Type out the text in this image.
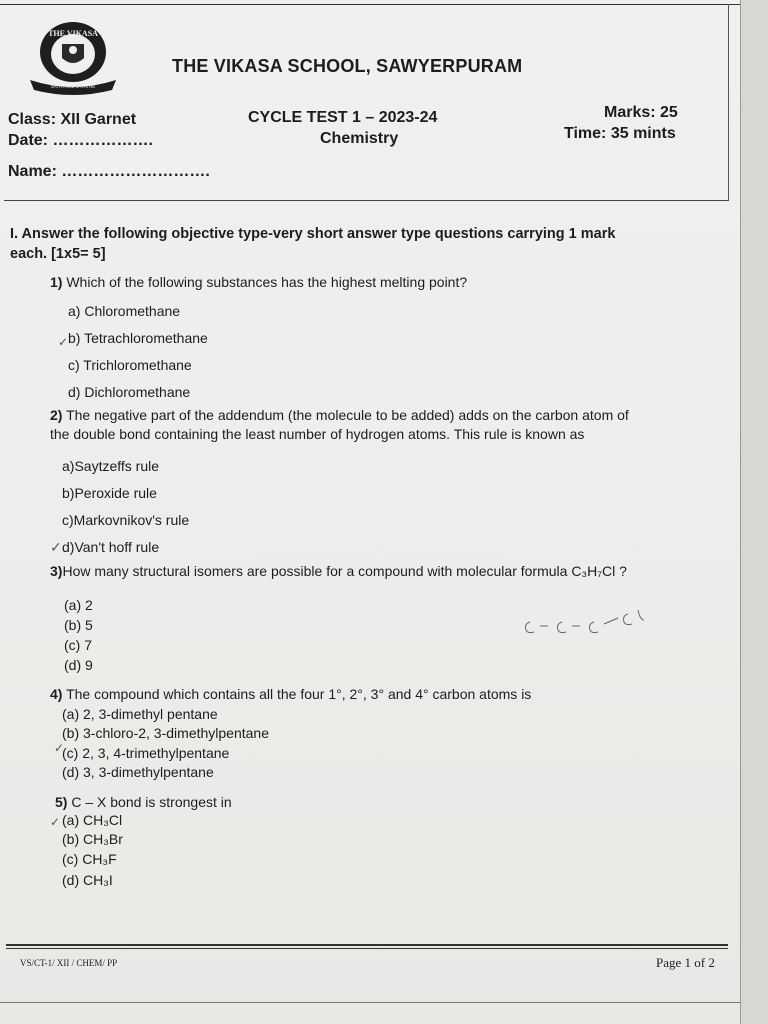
THE VIKASA
SATHYAME JAYATHE
THE VIKASA SCHOOL, SAWYERPURAM
Class: XII Garnet
Date: ……………….
Name: ……………………….
CYCLE TEST 1 – 2023-24
Chemistry
Marks: 25
Time: 35 mints
I. Answer the following objective type-very short answer type questions carrying 1 mark
each. [1x5= 5]
1) Which of the following substances has the highest melting point?
a) Chloromethane
b) Tetrachloromethane
c) Trichloromethane
d) Dichloromethane
✓
2) The negative part of the addendum (the molecule to be added) adds on the carbon atom of
the double bond containing the least number of hydrogen atoms. This rule is known as
a)Saytzeffs rule
b)Peroxide rule
c)Markovnikov's rule
d)Van't hoff rule
✓
3)How many structural isomers are possible for a compound with molecular formula C₃H₇Cl ?
(a) 2
(b) 5
(c) 7
(d) 9
4) The compound which contains all the four 1°, 2°, 3° and 4° carbon atoms is
(a) 2, 3-dimethyl pentane
(b) 3-chloro-2, 3-dimethylpentane
(c) 2, 3, 4-trimethylpentane
(d) 3, 3-dimethylpentane
✓
5) C – X bond is strongest in
(a) CH₃Cl
(b) CH₃Br
(c) CH₃F
(d) CH₃I
✓
VS/CT-1/ XII / CHEM/ PP	Page 1 of 2
